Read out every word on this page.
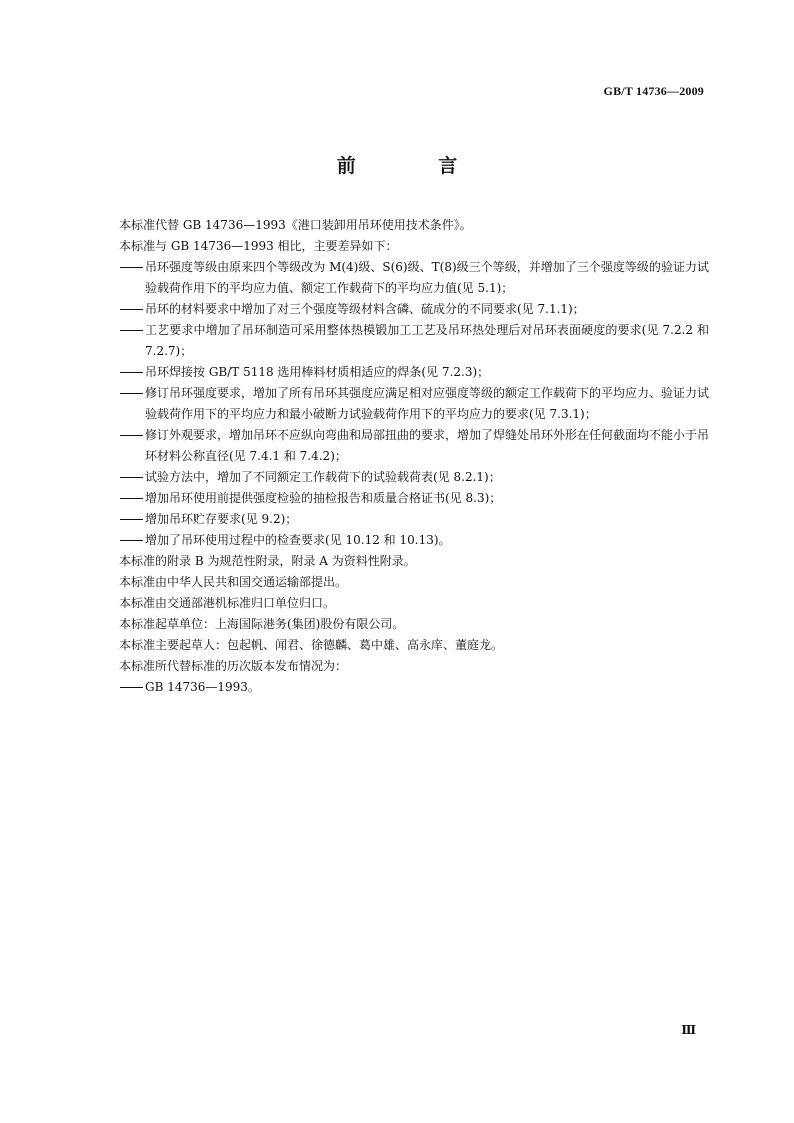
GB/T 14736—2009
前 言

本标准代替 GB 14736—1993《港口装卸用吊环使用技术条件》。

本标准与 GB 14736—1993 相比，主要差异如下：

吊环强度等级由原来四个等级改为 M(4)级、S(6)级、T(8)级三个等级，并增加了三个强度等级的验证力试验载荷作用下的平均应力值、额定工作载荷下的平均应力值(见 5.1)；
吊环的材料要求中增加了对三个强度等级材料含磷、硫成分的不同要求(见 7.1.1)；
工艺要求中增加了吊环制造可采用整体热模锻加工工艺及吊环热处理后对吊环表面硬度的要求(见 7.2.2 和 7.2.7)；
吊环焊接按 GB/T 5118 选用棒料材质相适应的焊条(见 7.2.3)；
修订吊环强度要求，增加了所有吊环其强度应满足相对应强度等级的额定工作载荷下的平均应力、验证力试验载荷作用下的平均应力和最小破断力试验载荷作用下的平均应力的要求(见 7.3.1)；
修订外观要求，增加吊环不应纵向弯曲和局部扭曲的要求，增加了焊缝处吊环外形在任何截面均不能小于吊环材料公称直径(见 7.4.1 和 7.4.2)；
试验方法中，增加了不同额定工作载荷下的试验载荷表(见 8.2.1)；
增加吊环使用前提供强度检验的抽检报告和质量合格证书(见 8.3)；
增加吊环贮存要求(见 9.2)；
增加了吊环使用过程中的检查要求(见 10.12 和 10.13)。

本标准的附录 B 为规范性附录，附录 A 为资料性附录。

本标准由中华人民共和国交通运输部提出。

本标准由交通部港机标准归口单位归口。

本标准起草单位：上海国际港务(集团)股份有限公司。

本标准主要起草人：包起帆、闻君、徐德麟、葛中雄、高永庠、董庭龙。

本标准所代替标准的历次版本发布情况为：

GB 14736—1993。
Ⅲ
